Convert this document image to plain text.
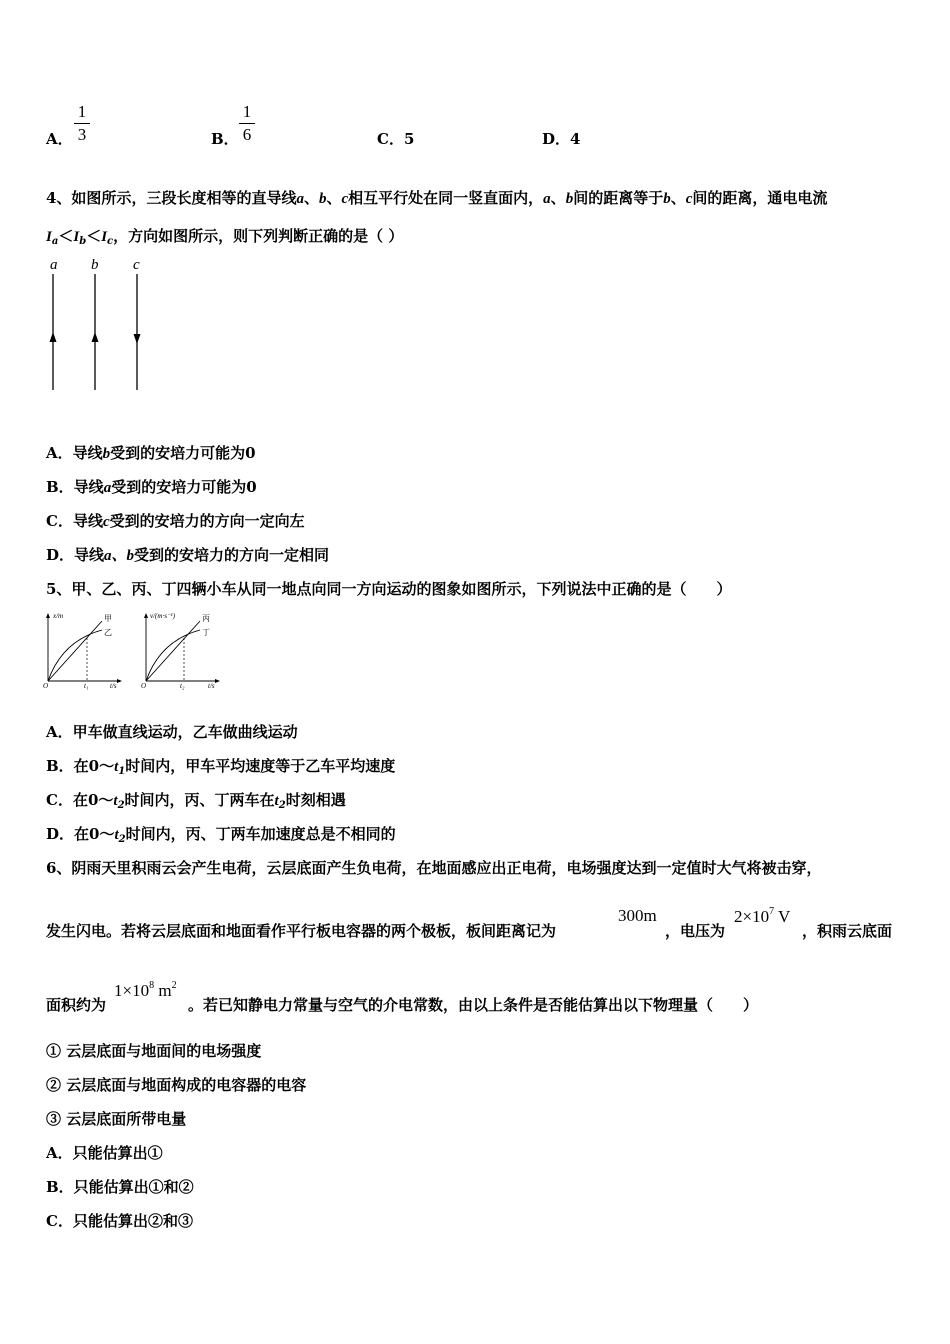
A．
1
3	B．
1
6	C．5	D．4
4、如图所示，三段长度相等的直导线a、b、c相互平行处在同一竖直面内，a、b间的距离等于b、c间的距离，通电电流
$I_a<I_b<I_c$，方向如图所示，则下列判断正确的是（ ）
a b c
A．导线b受到的安培力可能为0
B．导线a受到的安培力可能为0
C．导线c受到的安培力的方向一定向左
D．导线a、b受到的安培力的方向一定相同
5、甲、乙、丙、丁四辆小车从同一地点向同一方向运动的图象如图所示，下列说法中正确的是（　　）
x/m
t/s
O	t₁
甲
乙
v/(m·s⁻¹)
t/s
O	t₂
丙
丁
A．甲车做直线运动，乙车做曲线运动
B．在$0\sim t_1$时间内，甲车平均速度等于乙车平均速度
C．在$0\sim t_2$时间内，丙、丁两车在$t_2$时刻相遇
D．在$0\sim t_2$时间内，丙、丁两车加速度总是不相同的
6、阴雨天里积雨云会产生电荷，云层底面产生负电荷，在地面感应出正电荷，电场强度达到一定值时大气将被击穿，
发生闪电。若将云层底面和地面看作平行板电容器的两个极板，板间距离记为
300m
，电压为
$2\times 10^7$ V
，积雨云底面
面积约为
$1\times 10^8$ $m^2$
。若已知静电力常量与空气的介电常数，由以上条件是否能估算出以下物理量（　　）
① 云层底面与地面间的电场强度
② 云层底面与地面构成的电容器的电容
③ 云层底面所带电量
A．只能估算出①
B．只能估算出①和②
C．只能估算出②和③
